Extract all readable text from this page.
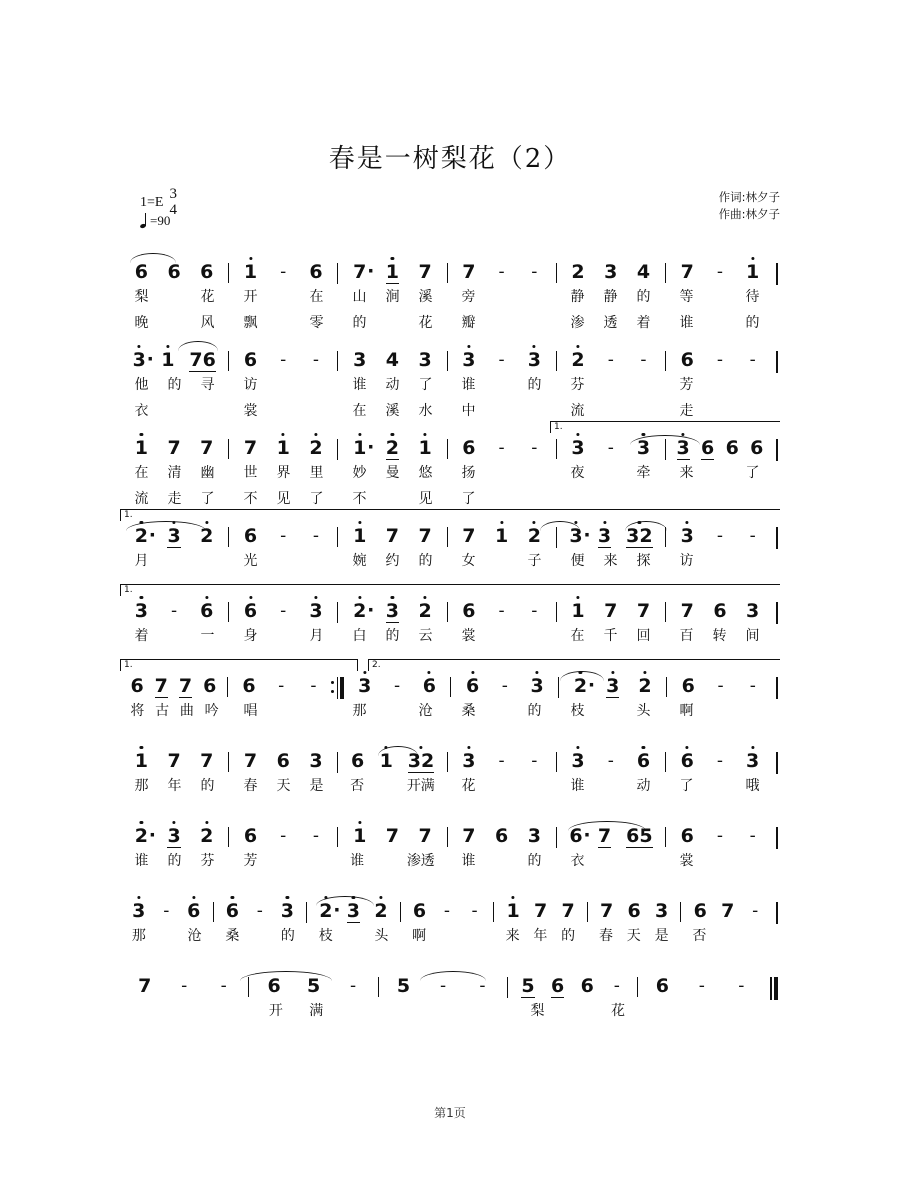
春是一树梨花（2）
1=E
3
4
=90
作词:林夕子
作曲:林夕子
6 6 6 1 - 6 7 · 1 7 7 - - 2 3 4 7 - 1
梨	花 开	在 山 涧 溪 旁	静 静 的 等	待
晚	风 飘	零 的	花 瓣	渗 透 着 谁	的
3 · 1 76 6 - - 3 4 3 3 - 3 2 - - 6 - -
他 的 寻 访	谁 动 了 谁	的 芬	芳
衣	裳	在 溪 水 中	流	走
1.
1 7 7 7 1 2 1 · 2 1 6 - - 3 - 3 3 6 6 6
在 清 幽 世 界 里 妙 曼 悠 扬	夜	牵 来	了
流 走 了 不 见 了 不	见 了
1.
2 · 3 2 6 - - 1 7 7 7 1 2 3 · 3 32 3 - -
月	光	婉 约 的 女	子 便 来 探 访
1.
3 - 6 6 - 3 2 · 3 2 6 - - 1 7 7 7 6 3
着	一 身	月 白 的 云 裳	在 千 回 百 转 间
1.	2.
6 7 7 6 6 - - 3 - 6 6 - 3 2 · 3 2 6 - -
将 古 曲 吟 唱	那	沧 桑	的 枝	头 啊
1 7 7 7 6 3 6 1 32 3 - - 3 - 6 6 - 3
那 年 的 春 天 是 否	开满 花	谁	动 了	哦
2 · 3 2 6 - - 1 7 7 7 6 3 6 · 7 65 6 - -
谁 的 芬 芳	谁	渗透 谁	的 衣	裳
3 - 6 6 - 3 2 · 3 2 6 - - 1 7 7 7 6 3 6 7 -
那	沧 桑	的 枝	头 啊	来 年 的 春 天 是 否
7 - - 6 5 - 5 - - 5 6 6 - 6 - -
开 满	梨	花
第1页
